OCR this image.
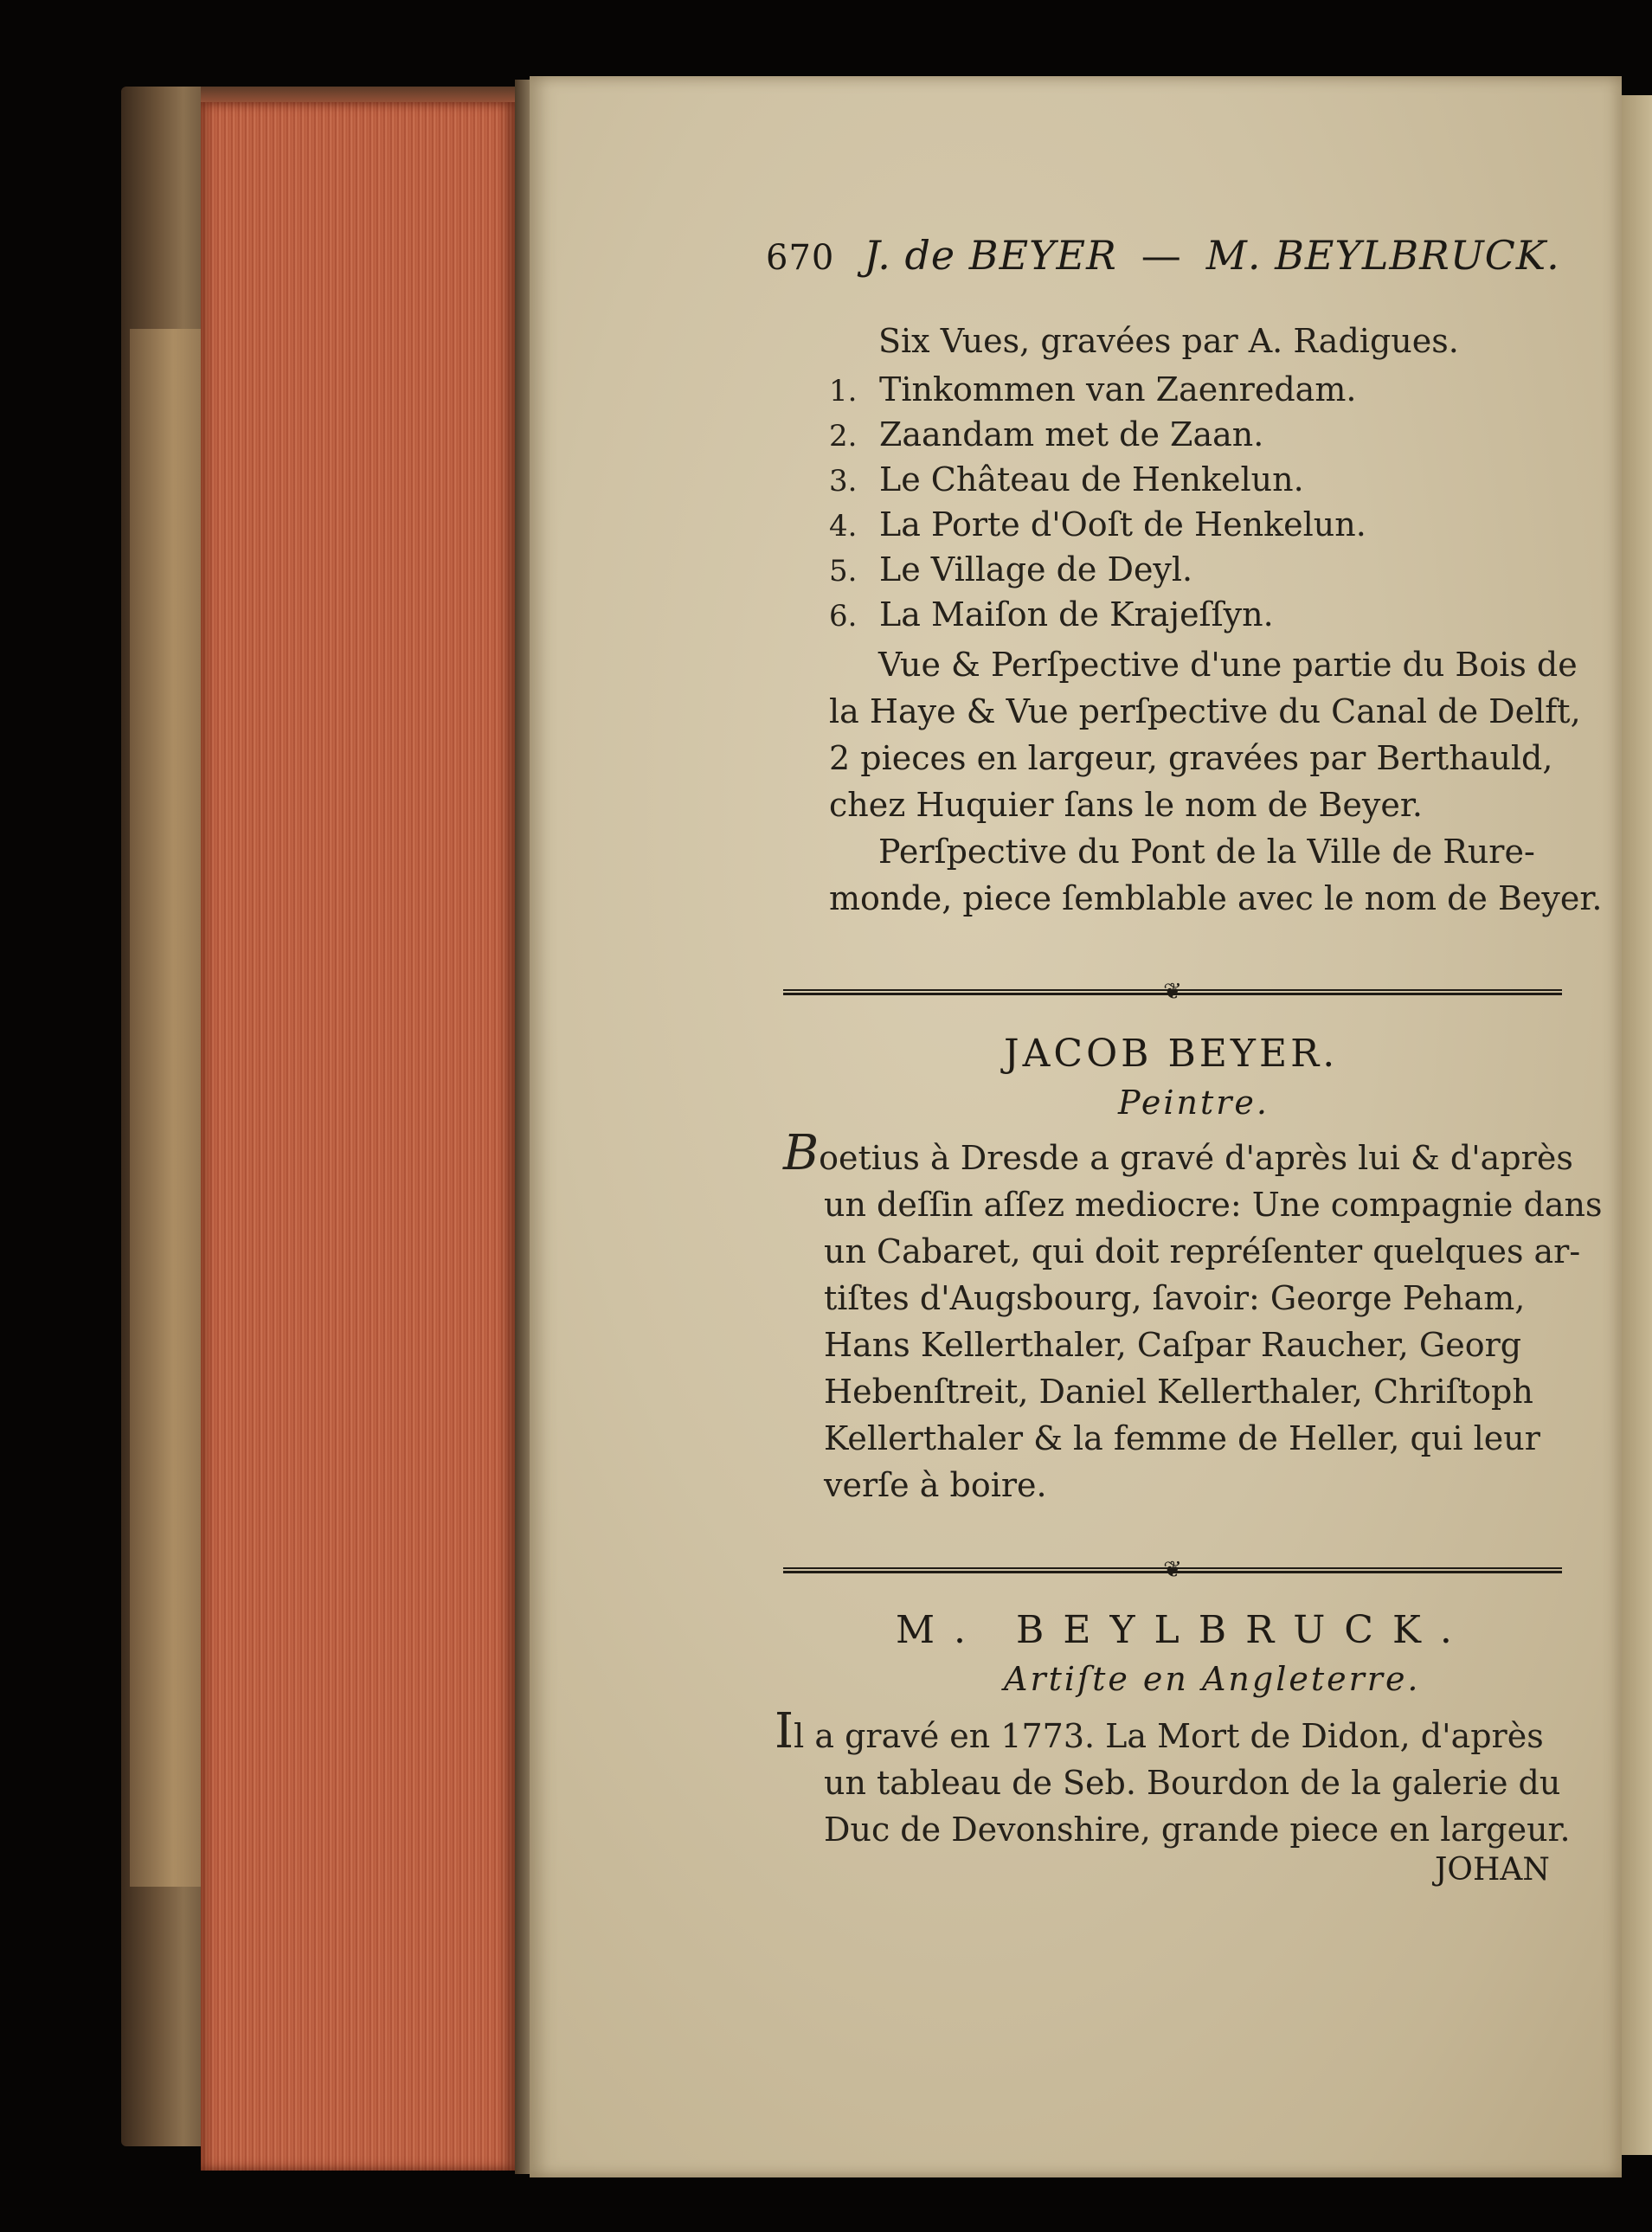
670 J. de BEYER — M. BEYLBRUCK.
Six Vues, gravées par A. Radigues.
1. Tinkommen van Zaenredam.
2. Zaandam met de Zaan.
3. Le Château de Henkelun.
4. La Porte d'Ooſt de Henkelun.
5. Le Village de Deyl.
6. La Maiſon de Krajeſſyn.
Vue & Perſpective d'une partie du Bois de
la Haye & Vue perſpective du Canal de Delft,
2 pieces en largeur, gravées par Berthauld,
chez Huquier ſans le nom de Beyer.
Perſpective du Pont de la Ville de Rure-
monde, piece ſemblable avec le nom de Beyer.
❦
JACOB BEYER.
Peintre.
Boetius à Dresde a gravé d'après lui & d'après
un deſſin aſſez mediocre: Une compagnie dans
un Cabaret, qui doit repréſenter quelques ar-
tiſtes d'Augsbourg, ſavoir: George Peham,
Hans Kellerthaler, Caſpar Raucher, Georg
Hebenſtreit, Daniel Kellerthaler, Chriſtoph
Kellerthaler & la femme de Heller, qui leur
verſe à boire.
❦
M. BEYLBRUCK.
Artiſte en Angleterre.
Il a gravé en 1773. La Mort de Didon, d'après
un tableau de Seb. Bourdon de la galerie du
Duc de Devonshire, grande piece en largeur.
JOHAN
